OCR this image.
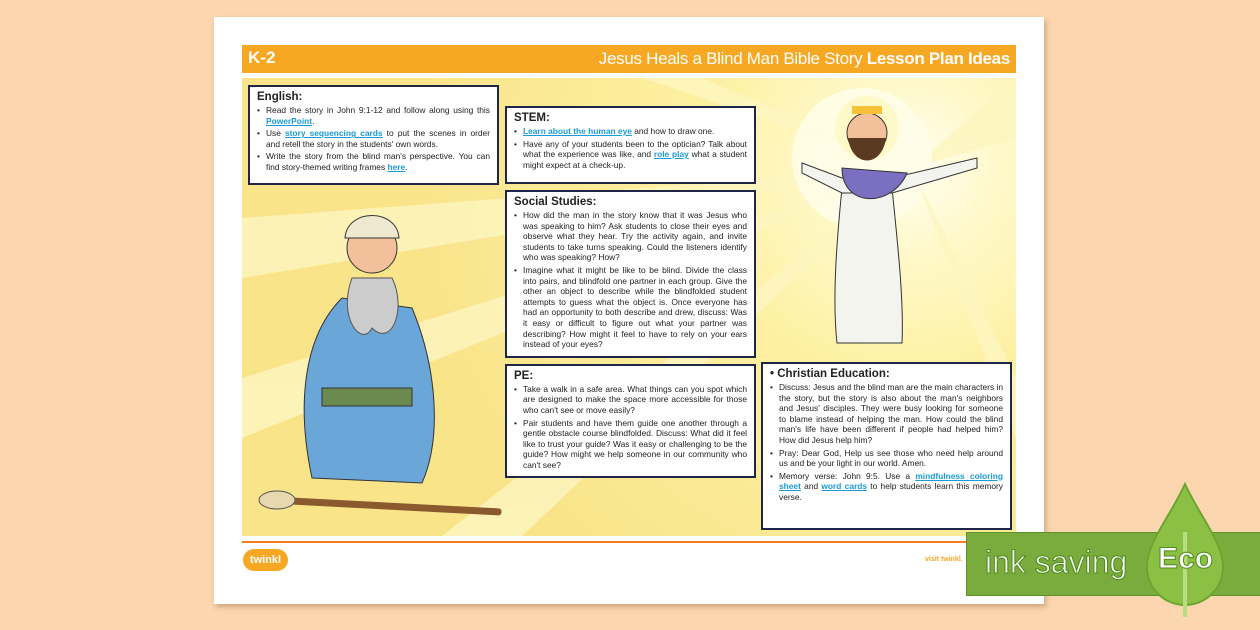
K-2	Jesus Heals a Blind Man Bible Story Lesson Plan Ideas
English:
• Read the story in John 9:1-12 and follow along using this PowerPoint.
• Use story sequencing cards to put the scenes in order and retell the story in the students' own words.
• Write the story from the blind man's perspective. You can find story-themed writing frames here.
STEM:
• Learn about the human eye and how to draw one.
• Have any of your students been to the optician? Talk about what the experience was like, and role play what a student might expect at a check-up.
Social Studies:
• How did the man in the story know that it was Jesus who was speaking to him? Ask students to close their eyes and observe what they hear. Try the activity again, and invite students to take turns speaking. Could the listeners identify who was speaking? How?
• Imagine what it might be like to be blind. Divide the class into pairs, and blindfold one partner in each group. Give the other an object to describe while the blindfolded student attempts to guess what the object is. Once everyone has had an opportunity to both describe and drew, discuss: Was it easy or difficult to figure out what your partner was describing? How might it feel to have to rely on your ears instead of your eyes?
PE:
• Take a walk in a safe area. What things can you spot which are designed to make the space more accessible for those who can't see or move easily?
• Pair students and have them guide one another through a gentle obstacle course blindfolded. Discuss: What did it feel like to trust your guide? Was it easy or challenging to be the guide? How might we help someone in our community who can't see?
• Christian Education:
• Discuss: Jesus and the blind man are the main characters in the story, but the story is also about the man's neighbors and Jesus' disciples. They were busy looking for someone to blame instead of helping the man. How could the blind man's life have been different if people had helped him? How did Jesus help him?
• Pray: Dear God, Help us see those who need help around us and be your light in our world. Amen.
• Memory verse: John 9:5. Use a mindfulness coloring sheet and word cards to help students learn this memory verse.
twinkl	visit twinkl. ink saving Eco
